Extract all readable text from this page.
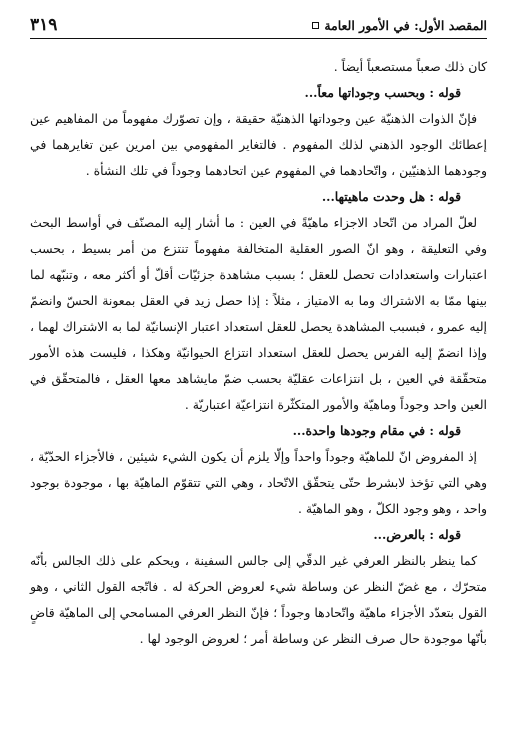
المقصد الأول: في الأمور العامة
٣١٩

كان ذلك صعباً مستصعباً أيضاً .

قوله : وبحسب وجوداتها معاً...

فإنّ الذوات الذهنيّة عين وجوداتها الذهنيّة حقيقة ، وإن تصوّرك مفهوماً من المفاهيم عين إعطائك الوجود الذهني لذلك المفهوم . فالتغاير المفهومي بين امرين عين تغايرهما في وجودهما الذهنيّين ، واتّحادهما في المفهوم عين اتحادهما وجوداً في تلك النشأة .

قوله : هل وحدت ماهيتها...

لعلّ المراد من اتّحاد الاجزاء ماهيّةً في العين : ما أشار إليه المصنّف في أواسط البحث وفي التعليقة ، وهو انّ الصور العقلية المتخالفة مفهوماً تنتزع من أمر بسيط ، بحسب اعتبارات واستعدادات تحصل للعقل ؛ بسبب مشاهدة جزئيّات أقلّ أو أكثر معه ، وتنبّهه لما بينها ممّا به الاشتراك وما به الامتياز ، مثلاً : إذا حصل زيد في العقل بمعونة الحسّ وانضمّ إليه عمرو ، فبسبب المشاهدة يحصل للعقل استعداد اعتبار الإنسانيّة لما به الاشتراك لهما ، وإذا انضمّ إليه الفرس يحصل للعقل استعداد انتزاع الحيوانيّة وهكذا ، فليست هذه الأمور متحقّقة في العين ، بل انتزاعات عقليّة بحسب ضمّ مايشاهد معها العقل ، فالمتحقّق في العين واحد وجوداً وماهيّة والأمور المتكثّرة انتزاعيّة اعتباريّة .

قوله : في مقام وجودها واحدة...

إذ المفروض انّ للماهيّة وجوداً واحداً وإلّا يلزم أن يكون الشيء شيئين ، فالأجزاء الحدّيّة ، وهي التي تؤخذ لابشرط حتّى يتحقّق الاتّحاد ، وهي التي تتقوّم الماهيّة بها ، موجودة بوجود واحد ، وهو وجود الكلّ ، وهو الماهيّة .

قوله : بالعرض...

كما ينظر بالنظر العرفي غير الدقّي إلى جالس السفينة ، ويحكم على ذلك الجالس بأنّه متحرّك ، مع غضّ النظر عن وساطة شيء لعروض الحركة له . فاتّجه القول الثاني ، وهو القول بتعدّد الأجزاء ماهيّة واتّحادها وجوداً ؛ فإنّ النظر العرفي المسامحي إلى الماهيّة قاضٍ بأنّها موجودة حال صرف النظر عن وساطة أمر ؛ لعروض الوجود لها .
